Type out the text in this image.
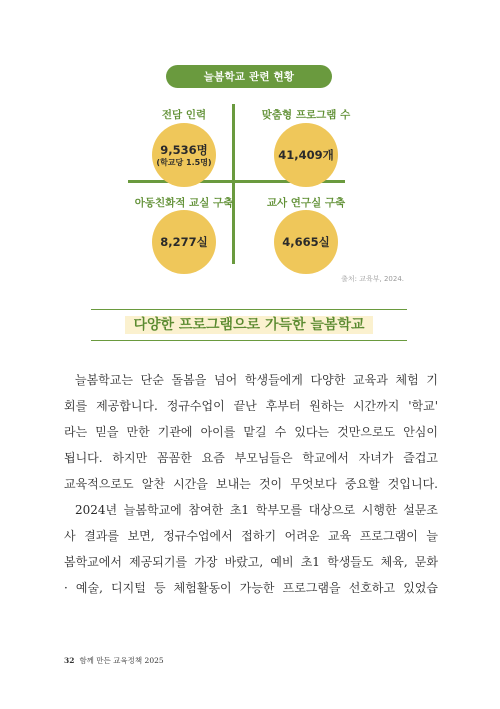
늘봄학교 관련 현황
전담 인력
9,536명
(학교당 1.5명)
맞춤형 프로그램 수
41,409개
아동친화적 교실 구축
8,277실
교사 연구실 구축
4,665실
출처: 교육부, 2024.
다양한 프로그램으로 가득한 늘봄학교
늘봄학교는 단순 돌봄을 넘어 학생들에게 다양한 교육과 체험 기
회를 제공합니다. 정규수업이 끝난 후부터 원하는 시간까지 '학교'
라는 믿을 만한 기관에 아이를 맡길 수 있다는 것만으로도 안심이
됩니다. 하지만 꼼꼼한 요즘 부모님들은 학교에서 자녀가 즐겁고
교육적으로도 알찬 시간을 보내는 것이 무엇보다 중요할 것입니다.
2024년 늘봄학교에 참여한 초1 학부모를 대상으로 시행한 설문조
사 결과를 보면, 정규수업에서 접하기 어려운 교육 프로그램이 늘
봄학교에서 제공되기를 가장 바랐고, 예비 초1 학생들도 체육, 문화
· 예술, 디지털 등 체험활동이 가능한 프로그램을 선호하고 있었습
32 함께 만든 교육정책 2025
